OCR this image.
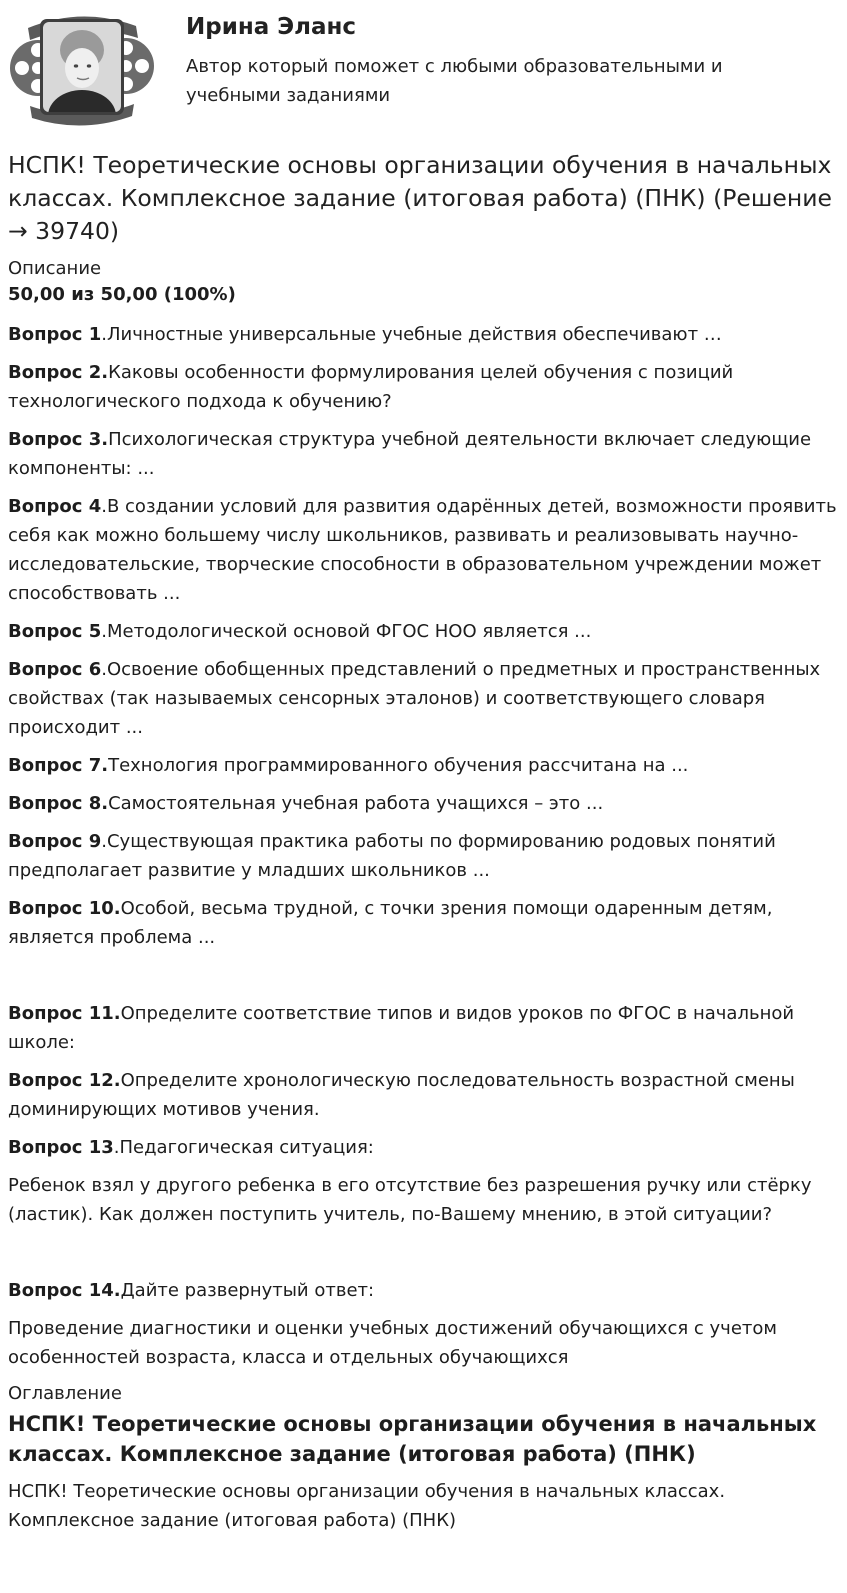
Ирина Эланс
Автор который поможет с любыми образовательными и учебными заданиями
НСПК! Теоретические основы организации обучения в начальных классах. Комплексное задание (итоговая работа) (ПНК) (Решение → 39740)

Описание

50,00 из 50,00 (100%)

Вопрос 1.Личностные универсальные учебные действия обеспечивают …

Вопрос 2.Каковы особенности формулирования целей обучения с позиций технологического подхода к обучению?

Вопрос 3.Психологическая структура учебной деятельности включает следующие компоненты: ...

Вопрос 4.В создании условий для развития одарённых детей, возможности проявить себя как можно большему числу школьников, развивать и реализовывать научно-исследовательские, творческие способности в образовательном учреждении может способствовать ...

Вопрос 5.Методологической основой ФГОС НОО является ...

Вопрос 6.Освоение обобщенных представлений о предметных и пространственных свойствах (так называемых сенсорных эталонов) и соответствующего словаря происходит ...

Вопрос 7.Технология программированного обучения рассчитана на ...

Вопрос 8.Самостоятельная учебная работа учащихся – это ...

Вопрос 9.Существующая практика работы по формированию родовых понятий предполагает развитие у младших школьников ...

Вопрос 10.Особой, весьма трудной, с точки зрения помощи одаренным детям, является проблема ...

Вопрос 11.Определите соответствие типов и видов уроков по ФГОС в начальной школе:

Вопрос 12.Определите хронологическую последовательность возрастной смены доминирующих мотивов учения.

Вопрос 13.Педагогическая ситуация:

Ребенок взял у другого ребенка в его отсутствие без разрешения ручку или стёрку (ластик). Как должен поступить учитель, по-Вашему мнению, в этой ситуации?

Вопрос 14.Дайте развернутый ответ:

Проведение диагностики и оценки учебных достижений обучающихся с учетом особенностей возраста, класса и отдельных обучающихся

Оглавление

НСПК! Теоретические основы организации обучения в начальных классах. Комплексное задание (итоговая работа) (ПНК)

НСПК! Теоретические основы организации обучения в начальных классах. Комплексное задание (итоговая работа) (ПНК)
